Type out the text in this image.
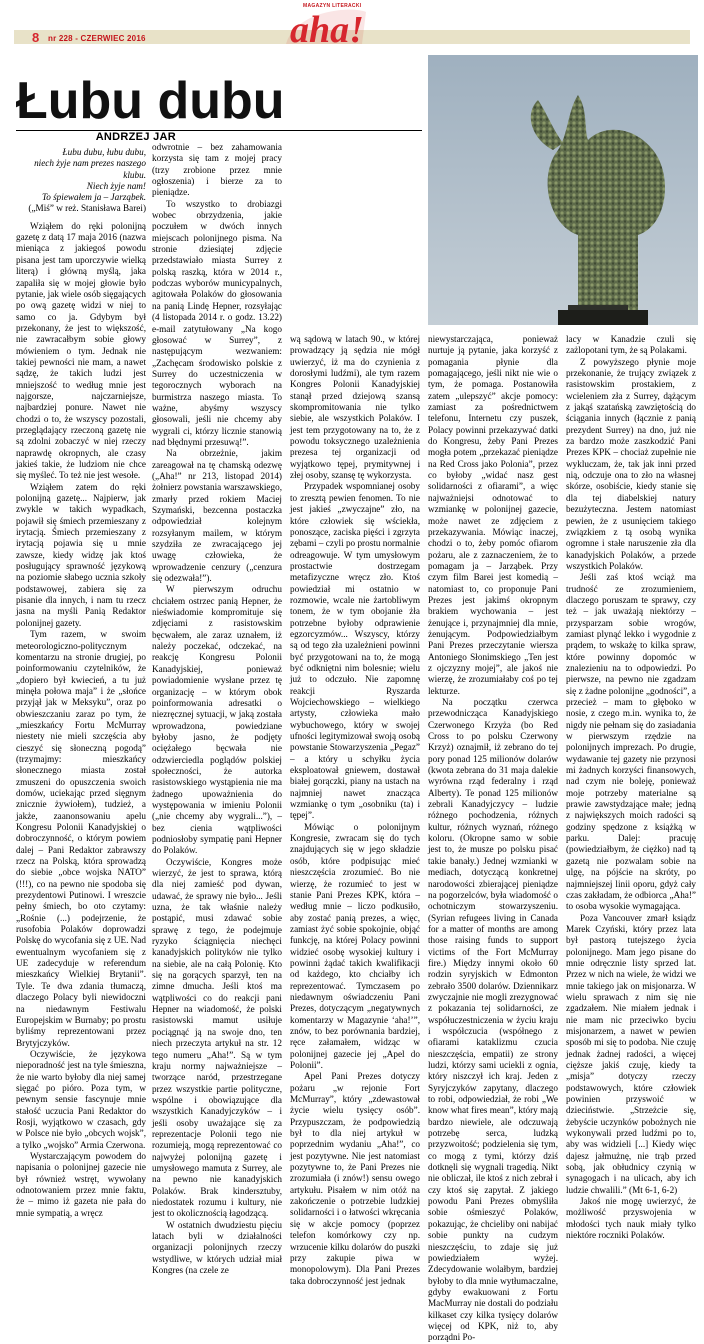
8 nr 228 - CZERWIEC 2016	aha!
MAGAZYN LITERACKI
Łubu dubu
ANDRZEJ JAR
Łubu dubu, łubu dubu,
niech żyje nam prezes naszego klubu.
Niech żyje nam!
To śpiewałem ja – Jarząbek.
(„Miś” w reż. Stanisława Barei)

Wziąłem do ręki polonijną gazetę z datą 17 maja 2016 (nazwa mieniąca z jakiegoś powodu pisana jest tam uporczywie wielką literą) i główną myślą, jaka zapaliła się w mojej głowie było pytanie, jak wiele osób sięgających po ową gazetę widzi w niej to samo co ja. Gdybym był przekonany, że jest to większość, nie zawracałbym sobie głowy mówieniem o tym. Jednak nie takiej pewności nie mam, a nawet sądzę, że takich ludzi jest mniejszość to według mnie jest najgorsze, najczarniejsze, najbardziej ponure. Nawet nie chodzi o to, że wszyscy pozostali, przeglądający rzeczoną gazetę nie są zdolni zobaczyć w niej rzeczy naprawdę okropnych, ale czasy jakieś takie, że ludziom nie chce się myśleć. To też nie jest wesołe.

Wziąłem zatem do ręki polonijną gazetę... Najpierw, jak zwykle w takich wypadkach, pojawił się śmiech przemieszany z irytacją. Śmiech przemieszany z irytacją pojawia się u mnie zawsze, kiedy widzę jak ktoś posługujący sprawność językową na poziomie słabego ucznia szkoły podstawowej, zabiera się za pisanie dla innych, i nam tu rzecz jasna na myśli Panią Redaktor polonijnej gazety.

Tym razem, w swoim meteorologiczno-politycznym komentarzu na stronie drugiej, po poinformowaniu czytelników, że „dopiero był kwiecień, a tu już minęła połowa maja” i że „słońce przyjął jak w Meksyku”, oraz po obwieszczaniu zaraz po tym, że „mieszkańcy Fortu McMurray niestety nie mieli szczęścia aby cieszyć się słoneczną pogodą” (trzymajmy: mieszkańcy słonecznego miasta został zmuszeni do opuszczenia swoich domów, uciekając przed sięgnym znicznie żywiołem), tudzież, a jakże, zaanonsowaniu apelu Kongresu Polonii Kanadyjskiej o dobroczynność, o którym powiem dalej – Pani Redaktor zabrawszy rzecz na Polską, która sprowadzą do siebie „obce wojska NATO” (!!!), co na pewno nie spodoba się prezydentowi Putinowi. I wreszcie pełny śmiech, bo oto czytamy: „Rośnie (...) podejrzenie, że rusofobia Polaków doprowadzi Polskę do wycofania się z UE. Nad ewentualnym wycofaniem się z UE zadecyduje w referendum mieszkańcy Wielkiej Brytanii”. Tyle. Te dwa zdania tłumaczą, dlaczego Polacy byli niewidoczni na niedawnym Festiwalu Europejskim w Burnaby; po prostu byliśmy reprezentowani przez Brytyjczyków.

Oczywiście, że językowa nieporadność jest na tyle śmieszna, że nie warto byłoby dla niej samej sięgać po pióro. Poza tym, w pewnym sensie fascynuje mnie stałość uczucia Pani Redaktor do Rosji, wyjątkowo w czasach, gdy w Polsce nie było „obcych wojsk”, a tylko „wojsko” Armia Czerwona.

Wystarczającym powodem do napisania o polonijnej gazecie nie był również wstręt, wywołany odnotowaniem przez mnie faktu, że – mimo iż gazeta nie pała do mnie sympatią, a wręcz

odwrotnie – bez zahamowania korzysta się tam z mojej pracy (trzy zrobione przez mnie ogłoszenia) i bierze za to pieniądze.

To wszystko to drobiazgi wobec obrzydzenia, jakie poczułem w dwóch innych miejscach polonijnego pisma. Na stronie dziesiątej zdjęcie przedstawiało miasta Surrey z polską raszką, która w 2014 r., podczas wyborów municypalnych, agitowała Polaków do głosowania na panią Lindę Hepner, rozsyłając (4 listopada 2014 r. o godz. 13.22) e-mail zatytułowany „Na kogo głosować w Surrey”, z następującym wezwaniem: „Zachęcam środowisko polskie z Surrey do uczestniczenia w tegorocznych wyborach na burmistrza naszego miasta. To ważne, abyśmy wszyscy głosowali, jeśli nie chcemy aby wygrali ci, którzy licznie stanowią nad błędnymi przesuwą!”.

Na obrzeżnie, jakim zareagował na tę chamską odezwę („Aha!” nr 213, listopad 2014) żołnierz powstania warszawskiego, zmarły przed rokiem Maciej Szymański, bezcenna postaczka odpowiedział kolejnym rozsyłanym mailem, w którym szydziła ze zwracającego jej uwagę człowieka, że wprowadzenie cenzury („cenzura się odezwała!”).

W pierwszym odruchu chciałem ostrzec panią Hepner, że nieświadomie kompromituje się zdjęciami z rasistowskim bęcwałem, ale zaraz uznałem, iż należy poczekać, odczekać, na reakcję Kongresu Polonii Kanadyjskiej, ponieważ powiadomienie wysłane przez tę organizację – w którym obok poinformowania adresatki o niezręcznej sytuacji, w jaką została wprowadzona, powiedziane byłoby jasno, że podjęty ociężałego bęcwała nie odzwierciedla poglądów polskiej społeczności, że autorka rasistowskiego wystąpienia nie ma żadnego upoważnienia do występowania w imieniu Polonii („nie chcemy aby wygrali...”), – bez cienia wątpliwości podniosłoby sympatię pani Hepner do Polaków.

Oczywiście, Kongres może wierzyć, że jest to sprawa, którą dla niej zamieść pod dywan, udawać, że sprawy nie było... Jeśli uzna, że tak właśnie należy postąpić, musi zdawać sobie sprawę z tego, że podejmuje ryzyko ściągnięcia niechęci kanadyjskich polityków nie tylko na siebie, ale na całą Polonię. Kto się na gorących sparzył, ten na zimne dmucha. Jeśli ktoś ma wątpliwości co do reakcji pani Hepner na wiadomość, że polski rasistowski mamut usiłuje pociągnąć ją na swoje dno, ten niech przeczyta artykuł na str. 12 tego numeru „Aha!”. Są w tym kraju normy najważniejsze – tworzące naród, przestrzegane przez wszystkie partie polityczne, wspólne i obowiązujące dla wszystkich Kanadyjczyków – i jeśli osoby uważające się za reprezentacje Polonii tego nie rozumieją, mogą reprezentować co najwyżej polonijną gazetę i umysłowego mamuta z Surrey, ale na pewno nie kanadyjskich Polaków. Brak kindersztuby, niedostatek rozumu i kultury, nie jest to okolicznością łagodzącą.

W ostatnich dwudziestu pięciu latach byli w działalności organizacji polonijnych rzeczy wstydliwe, w których udział miał Kongres (na czele ze

wą sądową w latach 90., w której prowadzący ją sędzia nie mógł uwierzyć, iż ma do czynienia z dorosłymi ludźmi), ale tym razem Kongres Polonii Kanadyjskiej stanął przed dziejową szansą skompromitowania nie tylko siebie, ale wszystkich Polaków. I jest tem przygotowany na to, że z powodu toksycznego uzależnienia prezesa tej organizacji od wyjątkowo tępej, prymitywnej i złej osoby, szansę tę wykorzysta.

Przypadek wspomnianej osoby to zresztą pewien fenomen. To nie jest jakieś „zwyczajne” zło, na które człowiek się wściekła, ponoszące, zaciska pięści i zgrzyta zębami – czyli po prostu normalnie odreagowuje. W tym umysłowym prostactwie dostrzegam metafizyczne wręcz zło. Ktoś powiedział mi ostatnio w rozmowie, wcale nie żartobliwym tonem, że w tym obojanie żła potrzebne byłoby odprawienie egzorcyzmów... Wszyscy, którzy są od tego zła uzależnieni powinni być przygotowani na to, że mogą być odkniętni nim bolesnie; wielu już to odczuło. Nie zapomnę reakcji Ryszarda Wojciechowskiego – wielkiego artysty, człowieka mało wybuchowego, który w swojej ufności legitymizował swoją osobą powstanie Stowarzyszenia „Pegaz” – a który u schyłku życia eksploatował gniewem, dostawał białej gorączki, piany na ustach na najmniej nawet znacząca wzmiankę o tym „osobniku (ta) i tępej”.

Mówiąc o polonijnym Kongresie, zwracam się do tych znajdujących się w jego składzie osób, które podpisując mieć nieszczęścia zrozumieć. Bo nie wierzę, że rozumieć to jest w stanie Pani Prezes KPK, która – według mnie – liczo podkusiło, aby zostać panią prezes, a więc, zamiast żyć sobie spokojnie, objąć funkcję, na której Polacy powinni widzieć osobę wysokiej kultury i powinni żądać takich kwalifikacji od każdego, kto chciałby ich reprezentować. Tymczasem po niedawnym oświadczeniu Pani Prezes, dotyczącym „negatywnych komentarzy w Magazynie ‘aha!’”, znów, to bez porównania bardziej, ręce załamałem, widząc w polonijnej gazecie jej „Apel do Polonii”.

Apel Pani Prezes dotyczy pożaru „w rejonie Fort McMurray”, który „zdewastował życie wielu tysięcy osób”. Przypuszczam, że podpowiedzią był to dla niej artykuł w poprzednim wydaniu „Aha!”, co jest pozytywne. Nie jest natomiast pozytywne to, że Pani Prezes nie zrozumiała (i znów!) sensu owego artykułu. Pisałem w nim otóż na zakończenie o potrzebie ludzkiej solidarności i o łatwości wkręcania się w akcje pomocy (poprzez telefon komórkowy czy np. wrzucenie kilku dolarów do puszki przy zakupie piwa w monopolowym). Dla Pani Prezes taka dobroczynność jest jednak

niewystarczająca, ponieważ nurtuje ją pytanie, jaka korzyść z pomagania płynie dla pomagającego, jeśli nikt nie wie o tym, że pomaga. Postanowiła zatem „ulepszyć” akcje pomocy: zamiast za pośrednictwem telefonu, Internetu czy puszek, Polacy powinni przekazywać datki do Kongresu, żeby Pani Prezes mogła potem „przekazać pieniądze na Red Cross jako Polonia”, przez co byłoby „widać nasz gest solidarności z ofiarami”, a więc najważniejsi odnotować to wzmiankę w polonijnej gazecie, może nawet ze zdjęciem z przekazywania. Mówiąc inaczej, chodzi o to, żeby pomóc ofiarom pożaru, ale z zaznaczeniem, że to pomagam ja – Jarząbek. Przy czym film Barei jest komedią – natomiast to, co proponuje Pani Prezes jest jakimś okropnym brakiem wychowania – jest żenujące i, przynajmniej dla mnie, żenującym. Podpowiedziałbym Pani Prezes przeczytanie wiersza Antoniego Słonimskiego „Ten jest z ojczyzny mojej”, ale jakoś nie wierzę, że zrozumiałaby coś po tej lekturze.

Na początku czerwca przewodnicząca Kanadyjskiego Czerwonego Krzyża (bo Red Cross to po polsku Czerwony Krzyż) oznajmił, iż zebrano do tej pory ponad 125 milionów dolarów (kwota zebrana do 31 maja dalekie wyrówna rząd federalny i rząd Alberty). Te ponad 125 milionów zebrali Kanadyjczycy – ludzie różnego pochodzenia, różnych kultur, różnych wyznań, różnego koloru. (Okropne samo w sobie jest to, że musze po polsku pisać takie banały.) Jednej wzmianki w mediach, dotyczącą konkretnej narodowości zbierającej pieniądze na pogorzelców, była wiadomość o ochotniczym stowarzyszeniu. (Syrian refugees living in Canada for a matter of months are among those raising funds to support victims of the Fort McMurray fire.) Między innymi około 60 rodzin syryjskich w Edmonton zebrało 3500 dolarów. Dziennikarz zwyczajnie nie mogli zrezygnować z pokazania tej solidarności, ze współuczestniczenia w życiu kraju i współczucia (współnego z ofiarami kataklizmu czucia nieszczęścia, empatii) ze strony ludzi, którzy sami uciekli z ognia, który niszczył ich kraj. Jeden z Syryjczyków zapytany, dlaczego to robi, odpowiedział, że robi „We know what fires mean”, który mają bardzo niewiele, ale odczuwają potrzebę serca, ludzką przyzwoitość; podzielenia się tym, co mogą z tymi, którzy dziś dotknęli się wygnali tragedią. Nikt nie obliczał, ile ktoś z nich zebrał i czy ktoś się zapytał. Z jakiego powodu Pani Prezes obmyśliła sobie ośmieszyć Polaków, pokazując, że chcieliby oni nabijać sobie punkty na cudzym nieszczęściu, to zdaje się już powiedziałem wyżej. Zdecydowanie wolałbym, bardziej byłoby to dla mnie wytłumaczalne, gdyby ewakuowani z Fortu MacMurray nie dostali do podziału kilkaset czy kilka tysięcy dolarów więcej od KPK, niż to, aby porządni Po-

lacy w Kanadzie czuli się zażlopotani tym, że są Polakami.

Z powyższego płynie moje przekonanie, że trujący związek z rasistowskim prostakiem, z wcieleniem zła z Surrey, dążącym z jakąś szatańską zawziętością do ściągania innych (łącznie z panią prezydent Surrey) na dno, już nie za bardzo może zaszkodzić Pani Prezes KPK – chociaż zupełnie nie wykluczam, że, tak jak inni przed nią, odczuje ona to zło na własnej skórze, osobiście, kiedy stanie się dla tej diabelskiej natury bezużyteczna. Jestem natomiast pewien, że z usunięciem takiego związkiem z tą osobą wynika ogromne i stałe naruszenie zła dla kanadyjskich Polaków, a przede wszystkich Polaków.

Jeśli zaś ktoś wciąż ma trudność ze zrozumieniem, dlaczego poruszam te sprawy, czy też – jak uważają niektórzy – przysparzam sobie wrogów, zamiast plynąć lekko i wygodnie z prądem, to wskażę to kilka spraw, które powinny dopomóc w znalezieniu na to odpowiedzi. Po pierwsze, na pewno nie zgadzam się z żadne polonijne „godności”, a przecież – mam to głęboko w nosie, z czego m.in. wynika to, że nigdy nie pełnam się do zasiadania w pierwszym rzędzie na polonijnych imprezach. Po drugie, wydawanie tej gazety nie przynosi mi żadnych korzyści finansowych, nad czym nie boleję, ponieważ moje potrzeby materialne są prawie zawstydzające małe; jedną z największych moich radości są godziny spędzone z książką w parku. Dalej: pracuję (powiedziałbym, że ciężko) nad tą gazetą nie pozwalam sobie na ulgę, na pójście na skróty, po najmniejszej linii oporu, gdyż cały czas zakładam, że odbiorca „Aha!” to osoba wysokie wymagająca.

Poza Vancouver zmarł ksiądz Marek Czyński, który przez lata był pastorą tutejszego życia polonijnego. Mam jego pisane do mnie odręcznie listy sprzed lat. Przez w nich na wiele, że widzi we mnie takiego jak on misjonarza. W wielu sprawach z nim się nie zgadzałem. Nie miałem jednak i nie mam nic przeciwko byciu misjonarzem, a nawet w pewien sposób mi się to podoba. Nie czuję jednak żadnej radości, a więcej cięższe jakiś czuję, kiedy ta „misja” dotyczy rzeczy podstawowych, które człowiek powinien przyswoić w dzieciństwie. „Strzeżcie się, żebyście uczynków pobożnych nie wykonywali przed ludźmi po to, aby was widzieli [...] Kiedy więc dajesz jałmużnę, nie trąb przed sobą, jak obłudnicy czynią w synagogach i na ulicach, aby ich ludzie chwalili.” (Mt 6-1, 6-2)

Jakoś nie mogę uwierzyć, że możliwość przyswojenia w młodości tych nauk miały tylko niektóre roczniki Polaków.
